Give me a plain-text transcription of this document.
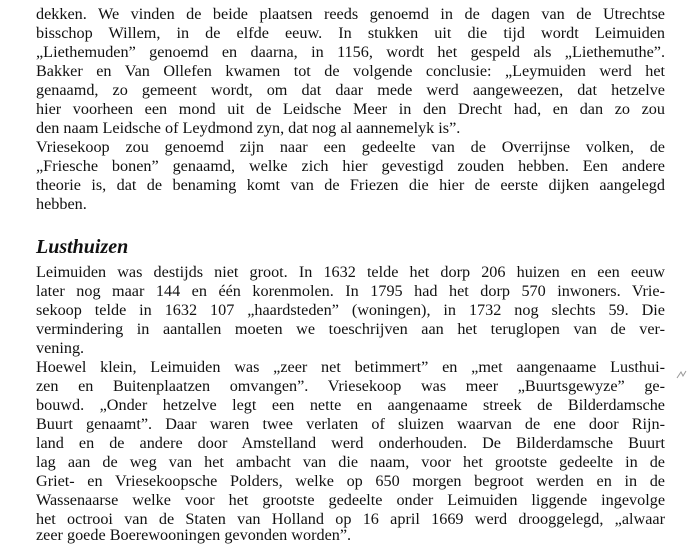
dekken. We vinden de beide plaatsen reeds genoemd in de dagen van de Utrechtse
bisschop Willem, in de elfde eeuw. In stukken uit die tijd wordt Leimuiden
„Liethemuden” genoemd en daarna, in 1156, wordt het gespeld als „Liethemuthe”.
Bakker en Van Ollefen kwamen tot de volgende conclusie: „Leymuiden werd het
genaamd, zo gemeent wordt, om dat daar mede werd aangeweezen, dat hetzelve
hier voorheen een mond uit de Leidsche Meer in den Drecht had, en dan zo zou
den naam Leidsche of Leydmond zyn, dat nog al aannemelyk is”.
Vriesekoop zou genoemd zijn naar een gedeelte van de Overrijnse volken, de
„Friesche bonen” genaamd, welke zich hier gevestigd zouden hebben. Een andere
theorie is, dat de benaming komt van de Friezen die hier de eerste dijken aangelegd
hebben.
Lusthuizen
Leimuiden was destijds niet groot. In 1632 telde het dorp 206 huizen en een eeuw
later nog maar 144 en één korenmolen. In 1795 had het dorp 570 inwoners. Vrie-
sekoop telde in 1632 107 „haardsteden” (woningen), in 1732 nog slechts 59. Die
vermindering in aantallen moeten we toeschrijven aan het teruglopen van de ver-
vening.
Hoewel klein, Leimuiden was „zeer net betimmert” en „met aangenaame Lusthui-
zen en Buitenplaatzen omvangen”. Vriesekoop was meer „Buurtsgewyze” ge-
bouwd. „Onder hetzelve legt een nette en aangenaame streek de Bilderdamsche
Buurt genaamt”. Daar waren twee verlaten of sluizen waarvan de ene door Rijn-
land en de andere door Amstelland werd onderhouden. De Bilderdamsche Buurt
lag aan de weg van het ambacht van die naam, voor het grootste gedeelte in de
Griet- en Vriesekoopsche Polders, welke op 650 morgen begroot werden en in de
Wassenaarse welke voor het grootste gedeelte onder Leimuiden liggende ingevolge
het octrooi van de Staten van Holland op 16 april 1669 werd drooggelegd, „alwaar
zeer goede Boerewooningen gevonden worden”.
